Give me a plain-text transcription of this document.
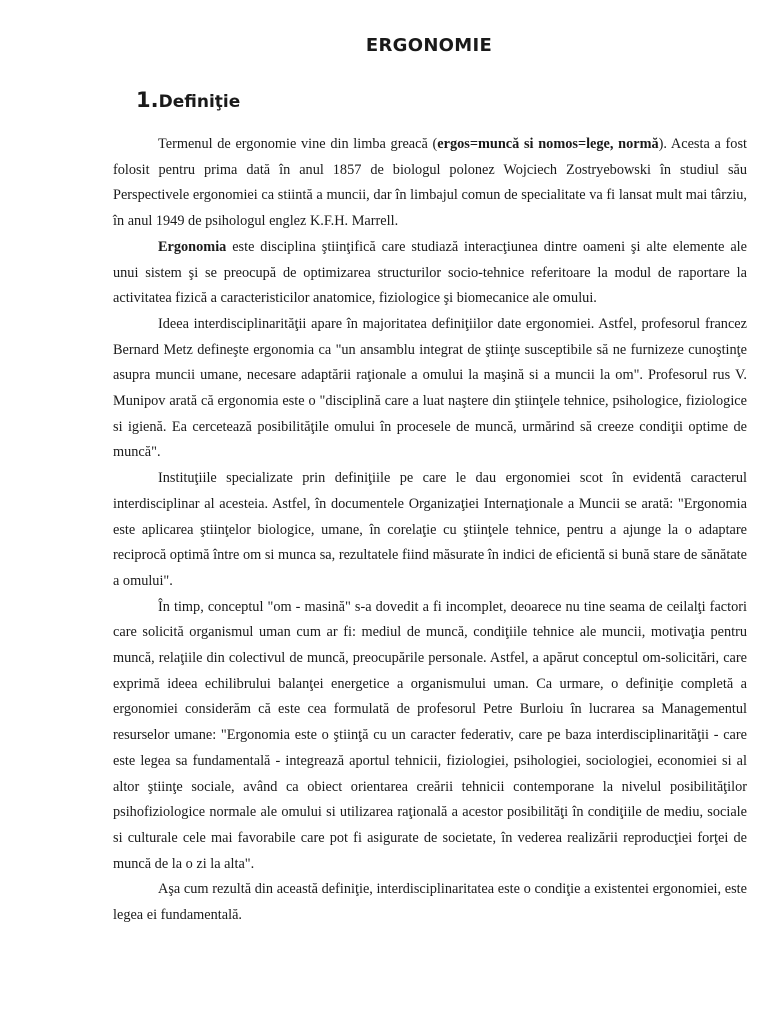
ERGONOMIE
1.Definiţie

Termenul de ergonomie vine din limba greacă (ergos=muncă si nomos=lege, normă). Acesta a fost folosit pentru prima dată în anul 1857 de biologul polonez Wojciech Zostryebowski în studiul său Perspectivele ergonomiei ca stiintă a muncii, dar în limbajul comun de specialitate va fi lansat mult mai târziu, în anul 1949 de psihologul englez K.F.H. Marrell.

Ergonomia este disciplina ştiinţifică care studiază interacţiunea dintre oameni şi alte elemente ale unui sistem şi se preocupă de optimizarea structurilor socio-tehnice referitoare la modul de raportare la activitatea fizică a caracteristicilor anatomice, fiziologice şi biomecanice ale omului.

Ideea interdisciplinarităţii apare în majoritatea definiţiilor date ergonomiei. Astfel, profesorul francez Bernard Metz defineşte ergonomia ca "un ansamblu integrat de ştiinţe susceptibile să ne furnizeze cunoştinţe asupra muncii umane, necesare adaptării raţionale a omului la maşină si a muncii la om". Profesorul rus V. Munipov arată că ergonomia este o "disciplină care a luat naştere din ştiinţele tehnice, psihologice, fiziologice si igienă. Ea cercetează posibilităţile omului în procesele de muncă, urmărind să creeze condiţii optime de muncă".

Instituţiile specializate prin definiţiile pe care le dau ergonomiei scot în evidentă caracterul interdisciplinar al acesteia. Astfel, în documentele Organizaţiei Internaţionale a Muncii se arată: "Ergonomia este aplicarea ştiinţelor biologice, umane, în corelaţie cu ştiinţele tehnice, pentru a ajunge la o adaptare reciprocă optimă între om si munca sa, rezultatele fiind măsurate în indici de eficientă si bună stare de sănătate a omului".

În timp, conceptul "om - masină" s-a dovedit a fi incomplet, deoarece nu tine seama de ceilalţi factori care solicită organismul uman cum ar fi: mediul de muncă, condiţiile tehnice ale muncii, motivaţia pentru muncă, relaţiile din colectivul de muncă, preocupările personale. Astfel, a apărut conceptul om-solicitări, care exprimă ideea echilibrului balanţei energetice a organismului uman. Ca urmare, o definiţie completă a ergonomiei considerăm că este cea formulată de profesorul Petre Burloiu în lucrarea sa Managementul resurselor umane: "Ergonomia este o ştiinţă cu un caracter federativ, care pe baza interdisciplinarităţii - care este legea sa fundamentală - integrează aportul tehnicii, fiziologiei, psihologiei, sociologiei, economiei si al altor ştiinţe sociale, având ca obiect orientarea creării tehnicii contemporane la nivelul posibilităţilor psihofiziologice normale ale omului si utilizarea raţională a acestor posibilităţi în condiţiile de mediu, sociale si culturale cele mai favorabile care pot fi asigurate de societate, în vederea realizării reproducţiei forţei de muncă de la o zi la alta".

Aşa cum rezultă din această definiţie, interdisciplinaritatea este o condiţie a existentei ergonomiei, este legea ei fundamentală.
